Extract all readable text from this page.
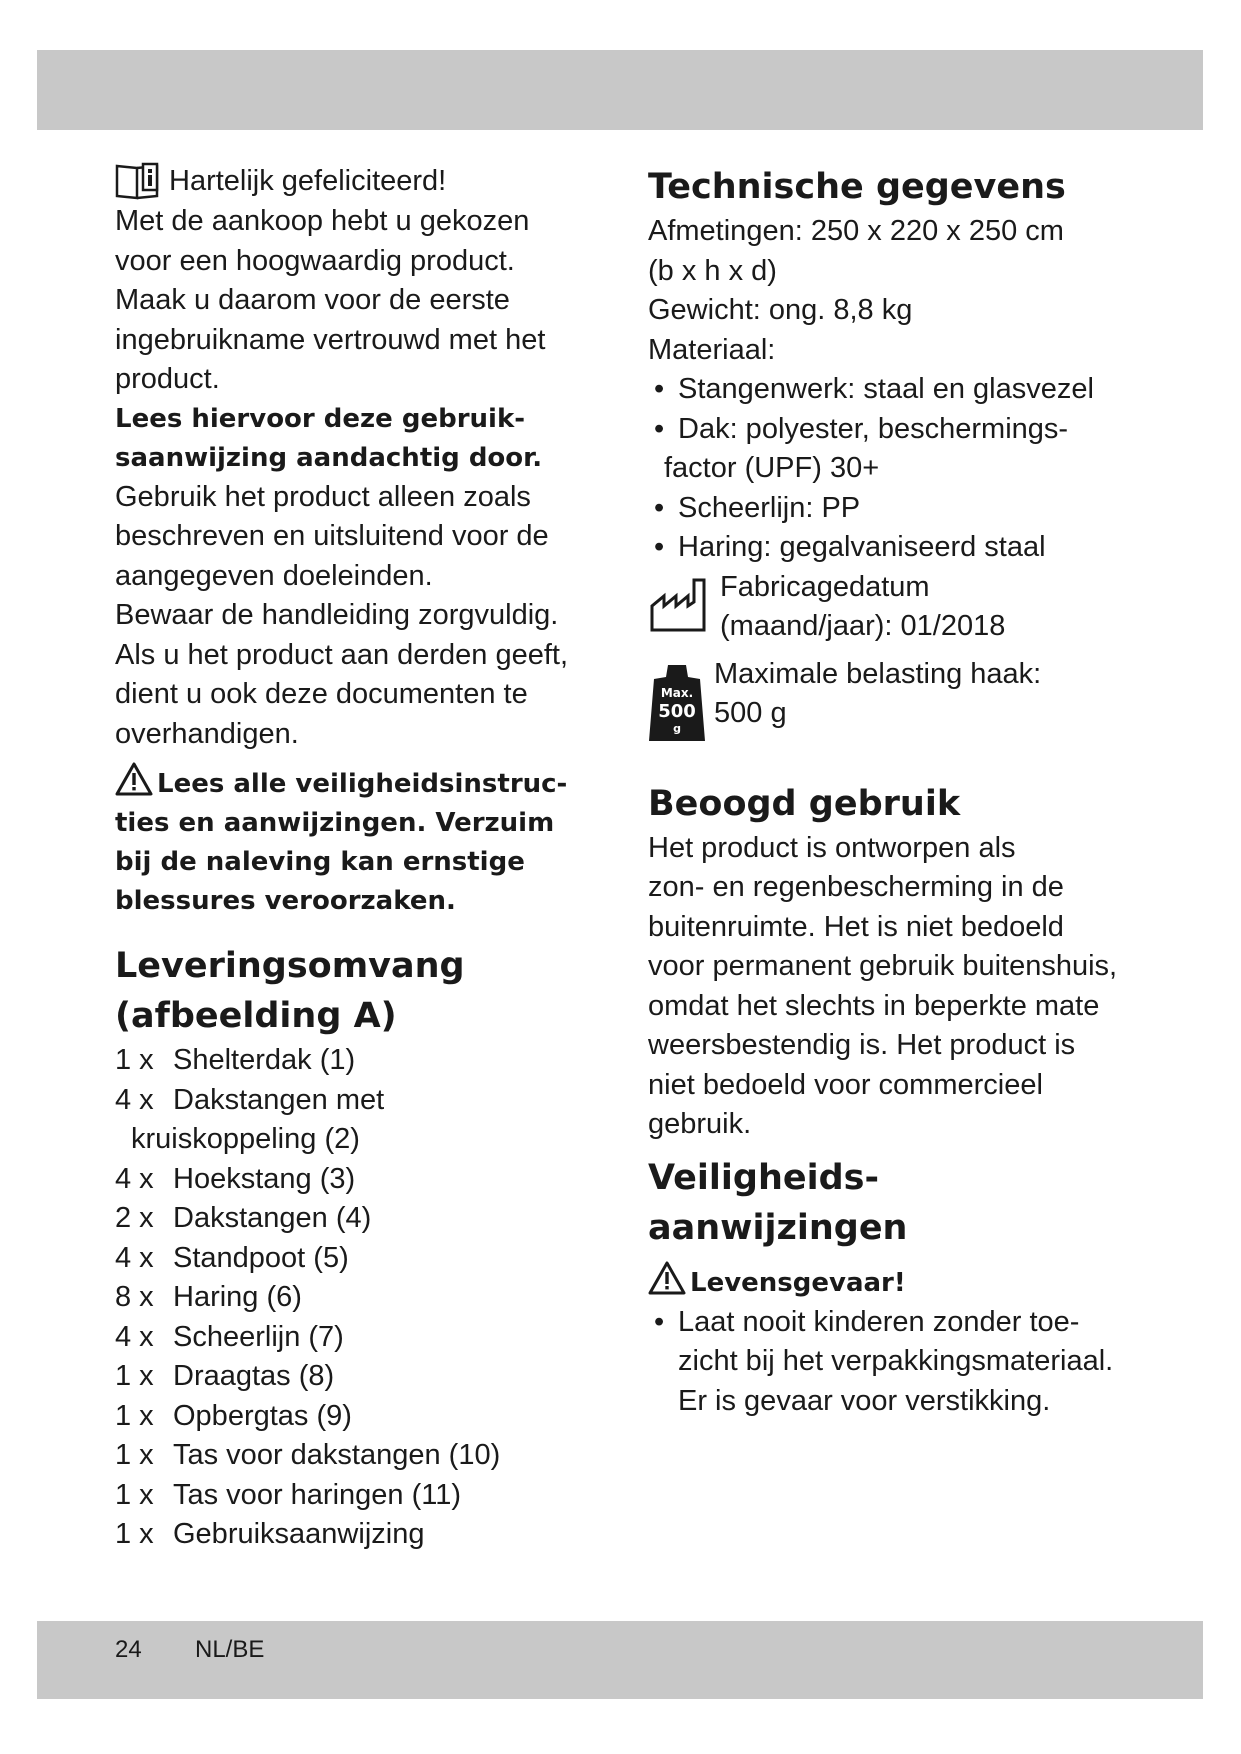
Hartelijk gefeliciteerd!

Met de aankoop hebt u gekozen
voor een hoogwaardig product.
Maak u daarom voor de eerste
ingebruikname vertrouwd met het
product.

Lees hiervoor deze gebruik-
saanwijzing aandachtig door.

Gebruik het product alleen zoals
beschreven en uitsluitend voor de
aangegeven doeleinden.
Bewaar de handleiding zorgvuldig.
Als u het product aan derden geeft,
dient u ook deze documenten te
overhandigen.

Lees alle veiligheidsinstruc-
ties en aanwijzingen. Verzuim
bij de naleving kan ernstige
blessures veroorzaken.

Leveringsomvang
(afbeelding A)
1 x Shelterdak (1)
4 x Dakstangen met
kruiskoppeling (2)
4 x Hoekstang (3)
2 x Dakstangen (4)
4 x Standpoot (5)
8 x Haring (6)
4 x Scheerlijn (7)
1 x Draagtas (8)
1 x Opbergtas (9)
1 x Tas voor dakstangen (10)
1 x Tas voor haringen (11)
1 x Gebruiksaanwijzing
Technische gegevens

Afmetingen: 250 x 220 x 250 cm
(b x h x d)

Gewicht: ong. 8,8 kg

Materiaal:

• Stangenwerk: staal en glasvezel
• Dak: polyester, beschermings-
factor (UPF) 30+
• Scheerlijn: PP
• Haring: gegalvaniseerd staal
Fabricagedatum
(maand/jaar): 01/2018
Max.
500
g
Maximale belasting haak:
500 g
Beoogd gebruik

Het product is ontworpen als
zon- en regenbescherming in de
buitenruimte. Het is niet bedoeld
voor permanent gebruik buitenshuis,
omdat het slechts in beperkte mate
weersbestendig is. Het product is
niet bedoeld voor commercieel
gebruik.

Veiligheids-
aanwijzingen

Levensgevaar!

• Laat nooit kinderen zonder toe-
zicht bij het verpakkingsmateriaal.
Er is gevaar voor verstikking.
24 NL/BE
